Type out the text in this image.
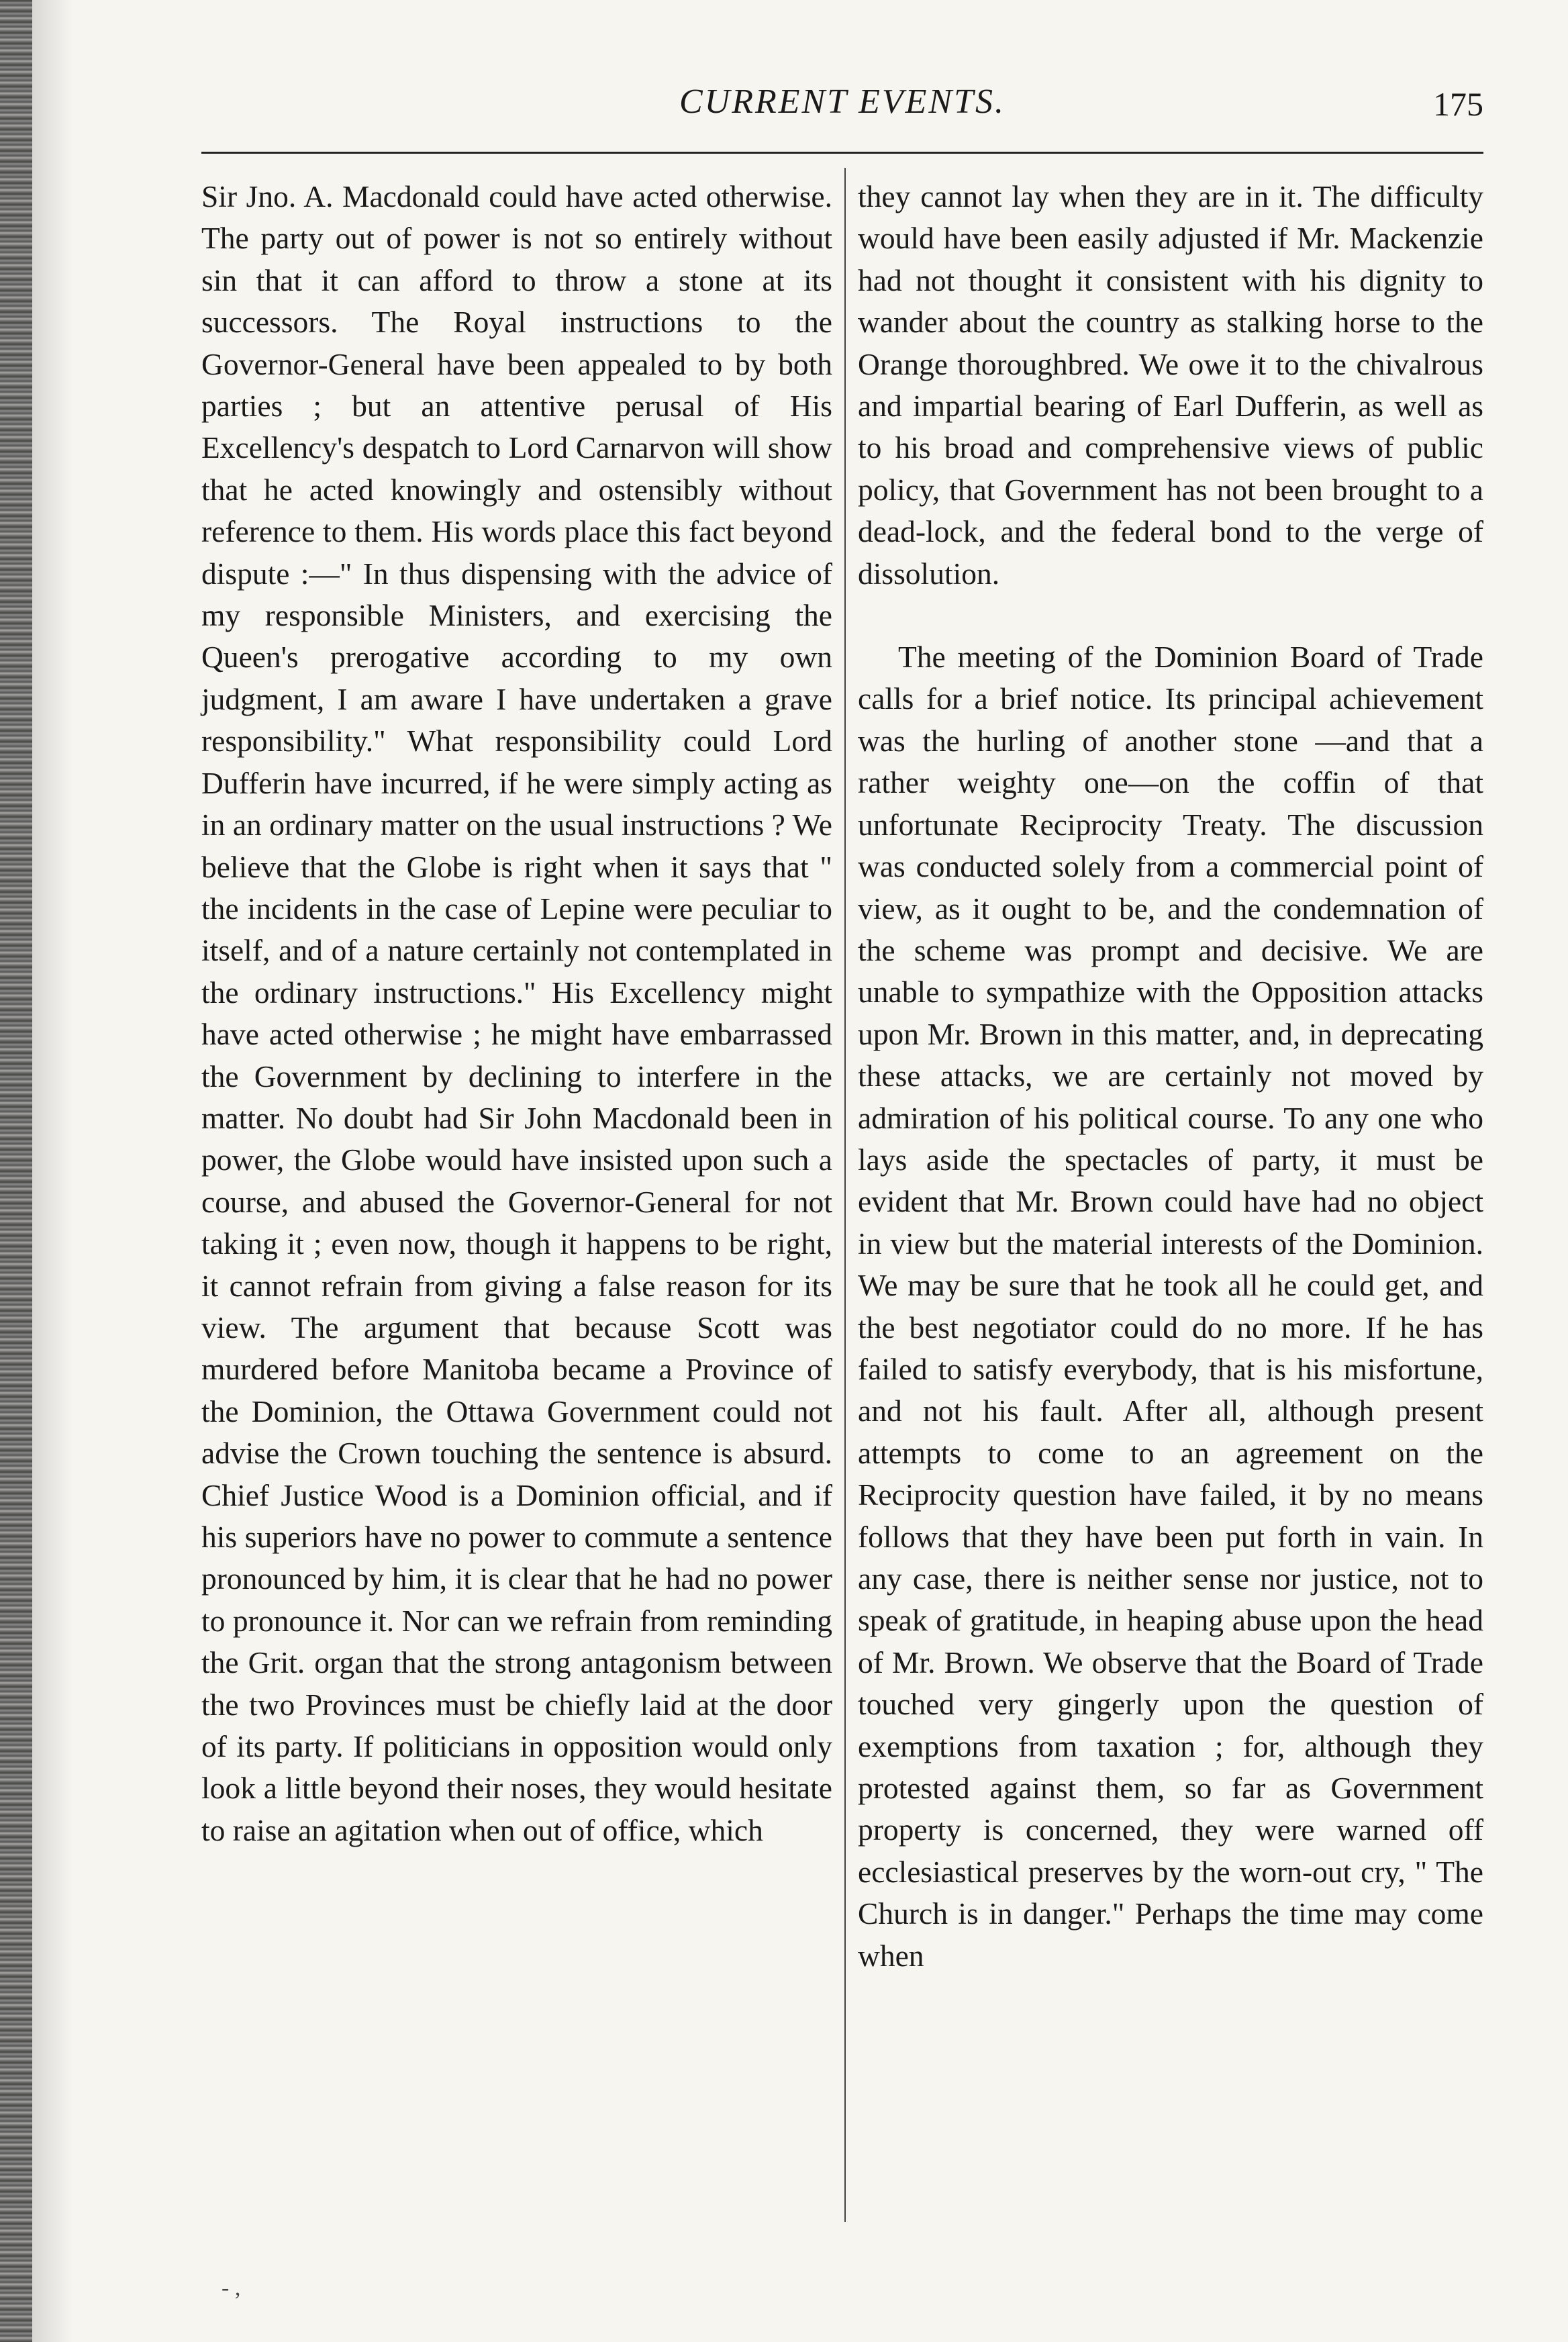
CURRENT EVENTS.	175

Sir Jno. A. Macdonald could have acted otherwise. The party out of power is not so entirely without sin that it can afford to throw a stone at its successors. The Royal instructions to the Governor-General have been appealed to by both parties ; but an attentive perusal of His Excellency's despatch to Lord Carnarvon will show that he acted knowingly and ostensibly without reference to them. His words place this fact beyond dispute :—" In thus dispensing with the advice of my responsible Ministers, and exercising the Queen's prerogative according to my own judgment, I am aware I have undertaken a grave responsibility." What responsibility could Lord Dufferin have incurred, if he were simply acting as in an ordinary matter on the usual instructions ? We believe that the Globe is right when it says that " the incidents in the case of Lepine were peculiar to itself, and of a nature certainly not contemplated in the ordinary instructions." His Excellency might have acted otherwise ; he might have embarrassed the Government by declining to interfere in the matter. No doubt had Sir John Macdonald been in power, the Globe would have insisted upon such a course, and abused the Governor-General for not taking it ; even now, though it happens to be right, it cannot refrain from giving a false reason for its view. The argument that because Scott was murdered before Manitoba became a Province of the Dominion, the Ottawa Government could not advise the Crown touching the sentence is absurd. Chief Justice Wood is a Dominion official, and if his superiors have no power to commute a sentence pronounced by him, it is clear that he had no power to pronounce it. Nor can we refrain from reminding the Grit. organ that the strong antagonism between the two Provinces must be chiefly laid at the door of its party. If politicians in opposition would only look a little beyond their noses, they would hesitate to raise an agitation when out of office, which

they cannot lay when they are in it. The difficulty would have been easily adjusted if Mr. Mackenzie had not thought it consistent with his dignity to wander about the country as stalking horse to the Orange thoroughbred. We owe it to the chivalrous and impartial bearing of Earl Dufferin, as well as to his broad and comprehensive views of public policy, that Government has not been brought to a dead-lock, and the federal bond to the verge of dissolution.

The meeting of the Dominion Board of Trade calls for a brief notice. Its principal achievement was the hurling of another stone —and that a rather weighty one—on the coffin of that unfortunate Reciprocity Treaty. The discussion was conducted solely from a commercial point of view, as it ought to be, and the condemnation of the scheme was prompt and decisive. We are unable to sympathize with the Opposition attacks upon Mr. Brown in this matter, and, in deprecating these attacks, we are certainly not moved by admiration of his political course. To any one who lays aside the spectacles of party, it must be evident that Mr. Brown could have had no object in view but the material interests of the Dominion. We may be sure that he took all he could get, and the best negotiator could do no more. If he has failed to satisfy everybody, that is his misfortune, and not his fault. After all, although present attempts to come to an agreement on the Reciprocity question have failed, it by no means follows that they have been put forth in vain. In any case, there is neither sense nor justice, not to speak of gratitude, in heaping abuse upon the head of Mr. Brown. We observe that the Board of Trade touched very gingerly upon the question of exemptions from taxation ; for, although they protested against them, so far as Government property is concerned, they were warned off ecclesiastical preserves by the worn-out cry, " The Church is in danger." Perhaps the time may come when

- ,
